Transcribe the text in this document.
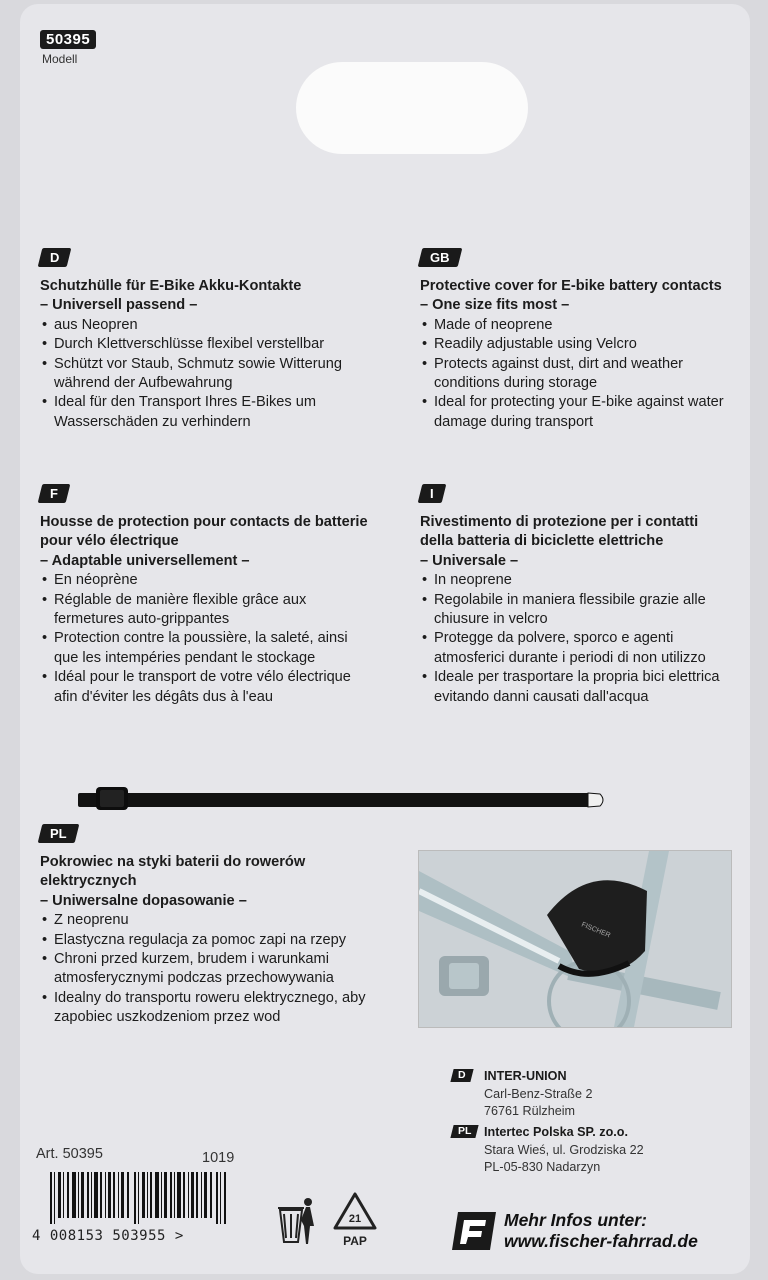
50395
Modell
D
Schutzhülle für E-Bike Akku-Kontakte
– Universell passend –
• aus Neopren
• Durch Klettverschlüsse flexibel verstellbar
• Schützt vor Staub, Schmutz sowie Witterung während der Aufbewahrung
• Ideal für den Transport Ihres E-Bikes um Wasserschäden zu verhindern
GB
Protective cover for E-bike battery contacts
– One size fits most –
• Made of neoprene
• Readily adjustable using Velcro
• Protects against dust, dirt and weather conditions during storage
• Ideal for protecting your E-bike against water damage during transport
F
Housse de protection pour contacts de batterie pour vélo électrique
– Adaptable universellement –
• En néoprène
• Réglable de manière flexible grâce aux fermetures auto-grippantes
• Protection contre la poussière, la saleté, ainsi que les intempéries pendant le stockage
• Idéal pour le transport de votre vélo électrique afin d'éviter les dégâts dus à l'eau
I
Rivestimento di protezione per i contatti della batteria di biciclette elettriche
– Universale –
• In neoprene
• Regolabile in maniera flessibile grazie alle chiusure in velcro
• Protegge da polvere, sporco e agenti atmosferici durante i periodi di non utilizzo
• Ideale per trasportare la propria bici elettrica evitando danni causati dall'acqua
PL
Pokrowiec na styki baterii do rowerów elektrycznych
– Uniwersalne dopasowanie –
• Z neoprenu
• Elastyczna regulacja za pomoc zapi na rzepy
• Chroni przed kurzem, brudem i warunkami atmosferycznymi podczas przechowywania
• Idealny do transportu roweru elektrycznego, aby zapobiec uszkodzeniom przez wod
FISCHER
D	INTER-UNION
Carl-Benz-Straße 2
76761 Rülzheim
PL Intertec Polska SP. zo.o.
Stara Wieś, ul. Grodziska 22
PL-05-830 Nadarzyn
Art. 50395	1019
4 008153 503955 >
21
PAP
Mehr Infos unter:
www.fischer-fahrrad.de
